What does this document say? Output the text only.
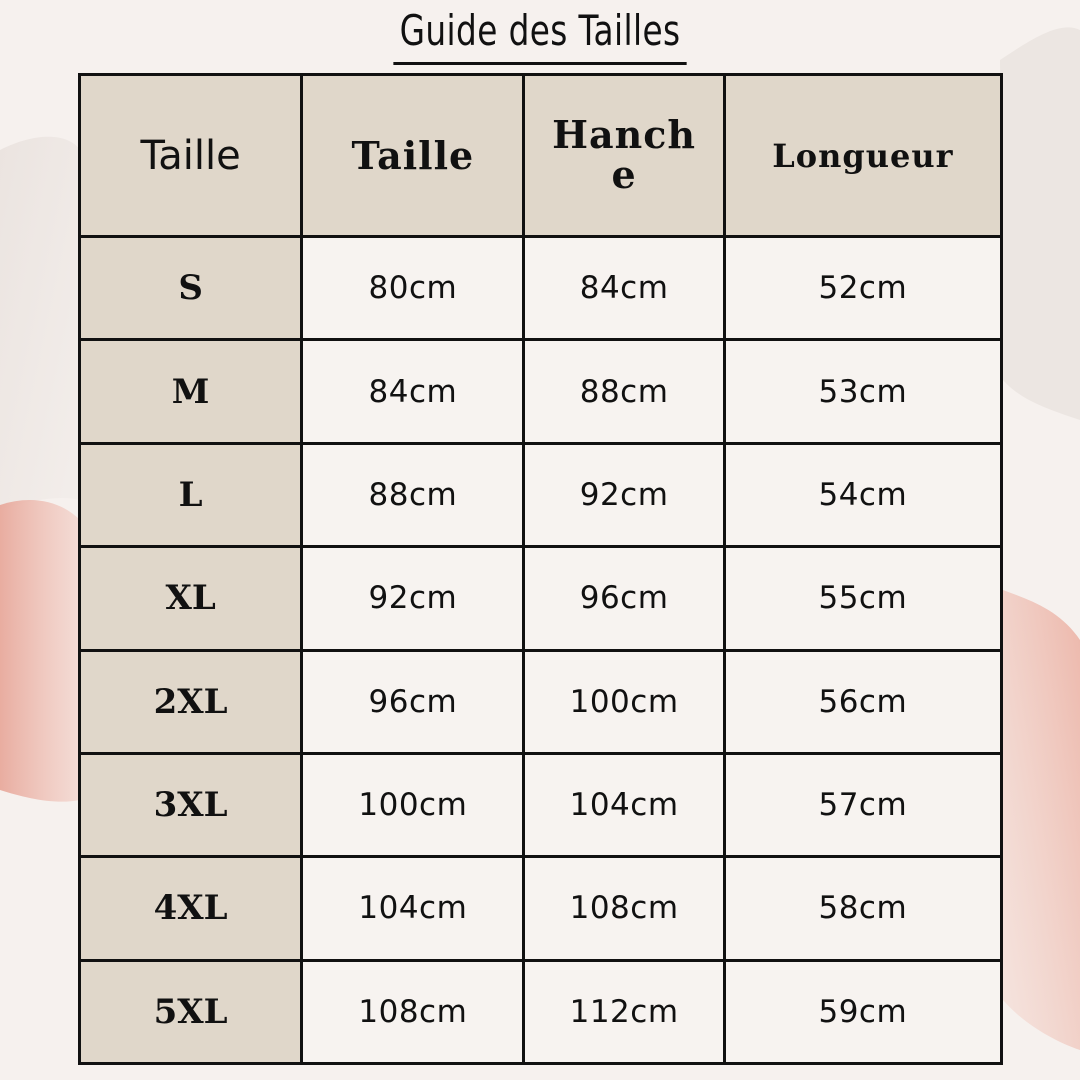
Guide des Tailles
Taille	Taille	Hanche	Longueur
S	80cm	84cm	52cm
M	84cm	88cm	53cm
L	88cm	92cm	54cm
XL	92cm	96cm	55cm
2XL	96cm	100cm	56cm
3XL	100cm	104cm	57cm
4XL	104cm	108cm	58cm
5XL	108cm	112cm	59cm
